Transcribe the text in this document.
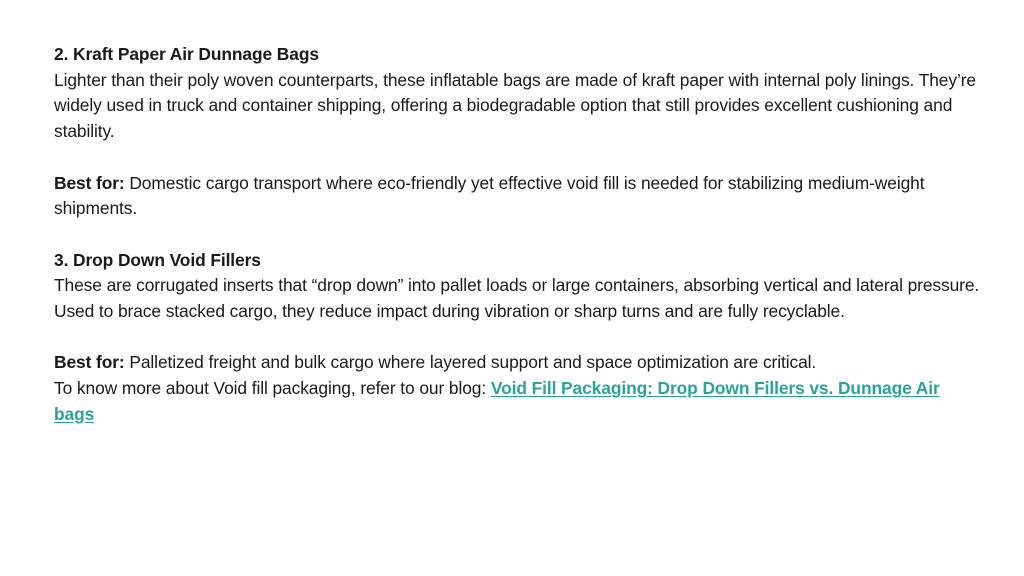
2. Kraft Paper Air Dunnage Bags
Lighter than their poly woven counterparts, these inflatable bags are made of kraft paper with internal poly linings. They’re widely used in truck and container shipping, offering a biodegradable option that still provides excellent cushioning and stability.

Best for: Domestic cargo transport where eco-friendly yet effective void fill is needed for stabilizing medium-weight shipments.

3. Drop Down Void Fillers
These are corrugated inserts that “drop down” into pallet loads or large containers, absorbing vertical and lateral pressure. Used to brace stacked cargo, they reduce impact during vibration or sharp turns and are fully recyclable.

Best for: Palletized freight and bulk cargo where layered support and space optimization are critical.
To know more about Void fill packaging, refer to our blog: Void Fill Packaging: Drop Down Fillers vs. Dunnage Air bags
